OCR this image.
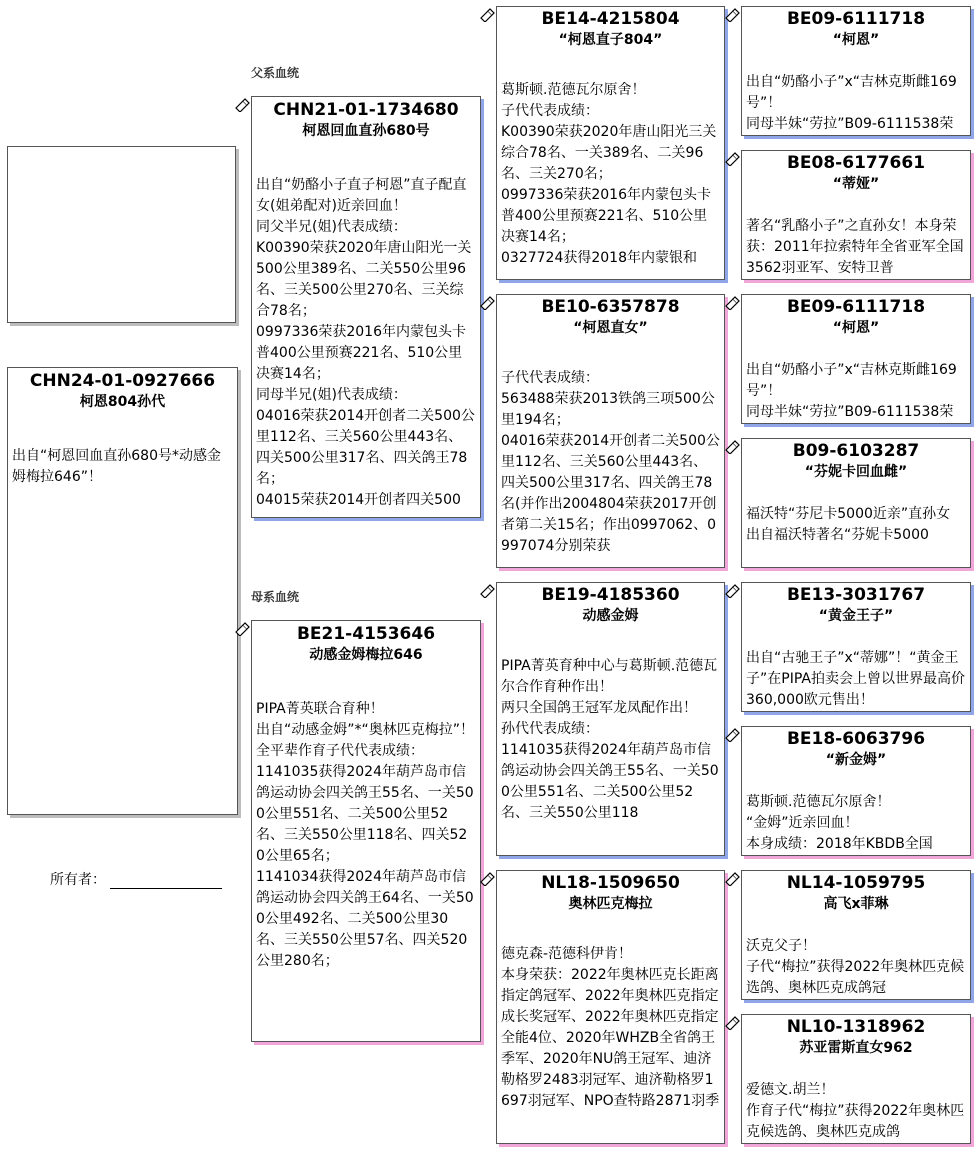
CHN24-01-0927666
柯恩804孙代
出自“柯恩回血直孙680号*动感金姆梅拉646”！
所有者：
父系血统
母系血统
CHN21-01-1734680
柯恩回血直孙680号
出自“奶酪小子直子柯恩”直子配直女(姐弟配对)近亲回血！
同父半兄(姐)代表成绩：
K00390荣获2020年唐山阳光一关500公里389名、二关550公里96名、三关500公里270名、三关综合78名；
0997336荣获2016年内蒙包头卡普400公里预赛221名、510公里决赛14名；
同母半兄(姐)代表成绩：
04016荣获2014开创者二关500公里112名、三关560公里443名、四关500公里317名、四关鸽王78名；
04015荣获2014开创者四关500
BE21-4153646
动感金姆梅拉646
PIPA菁英联合育种！
出自“动感金姆”*“奥林匹克梅拉”！
全平辈作育子代代表成绩：
1141035获得2024年葫芦岛市信鸽运动协会四关鸽王55名、一关500公里551名、二关500公里52名、三关550公里118名、四关520公里65名；
1141034获得2024年葫芦岛市信鸽运动协会四关鸽王64名、一关500公里492名、二关500公里30名、三关550公里57名、四关520公里280名；
BE14-4215804
“柯恩直子804”
葛斯顿.范德瓦尔原舍！
子代代表成绩：
K00390荣获2020年唐山阳光三关综合78名、一关389名、二关96名、三关270名；
0997336荣获2016年内蒙包头卡普400公里预赛221名、510公里决赛14名；
0327724获得2018年内蒙银和
BE10-6357878
“柯恩直女”
子代代表成绩：
563488荣获2013铁鸽三项500公里194名；
04016荣获2014开创者二关500公里112名、三关560公里443名、四关500公里317名、四关鸽王78名(并作出2004804荣获2017开创者第二关15名；作出0997062、0997074分别荣获
BE19-4185360
动感金姆
PIPA菁英育种中心与葛斯顿.范德瓦尔合作育种作出！
两只全国鸽王冠军龙凤配作出！
孙代代表成绩：
1141035获得2024年葫芦岛市信鸽运动协会四关鸽王55名、一关500公里551名、二关500公里52名、三关550公里118
NL18-1509650
奥林匹克梅拉
德克森-范德科伊肯！
本身荣获：2022年奥林匹克长距离指定鸽冠军、2022年奥林匹克指定成长奖冠军、2022年奥林匹克指定全能4位、2020年WHZB全省鸽王季军、2020年NU鸽王冠军、迪济勒格罗2483羽冠军、迪济勒格罗1697羽冠军、NPO查特路2871羽季
BE09-6111718
“柯恩”
出自“奶酪小子”x“吉林克斯雌169号”！
同母半妹“劳拉”B09-6111538荣
BE08-6177661
“蒂娅”
著名“乳酪小子”之直孙女！本身荣获：2011年拉索特年全省亚军全国3562羽亚军、安特卫普
BE09-6111718
“柯恩”
出自“奶酪小子”x“吉林克斯雌169号”！
同母半妹“劳拉”B09-6111538荣
B09-6103287
“芬妮卡回血雌”
福沃特“芬尼卡5000近亲”直孙女
出自福沃特著名“芬妮卡5000
BE13-3031767
“黄金王子”
出自“古驰王子”x“蒂娜”！“黄金王子”在PIPA拍卖会上曾以世界最高价360,000欧元售出！
BE18-6063796
“新金姆”
葛斯顿.范德瓦尔原舍！
“金姆”近亲回血！
本身成绩：2018年KBDB全国
NL14-1059795
高飞x菲琳
沃克父子！
子代“梅拉”获得2022年奥林匹克候选鸽、奥林匹克成鸽冠
NL10-1318962
苏亚雷斯直女962
爱德文.胡兰！
作育子代“梅拉”获得2022年奥林匹克候选鸽、奥林匹克成鸽
